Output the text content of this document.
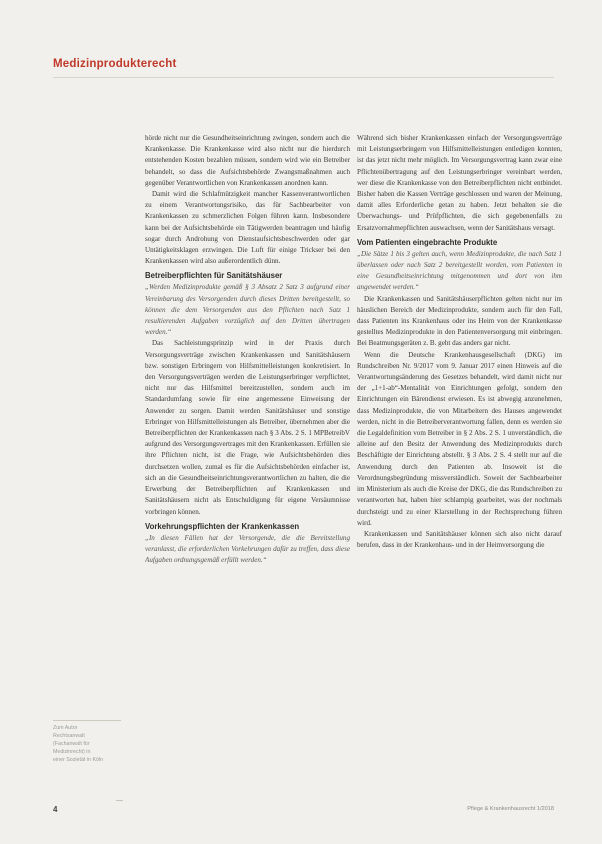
Medizinprodukterecht

hörde nicht nur die Gesundheitseinrichtung zwingen, sondern auch die Krankenkasse. Die Krankenkasse wird also nicht nur die hierdurch entstehenden Kosten bezahlen müssen, sondern wird wie ein Betreiber behandelt, so dass die Aufsichtsbehörde Zwangsmaßnahmen auch gegenüber Verantwortlichen von Krankenkassen anordnen kann.

Damit wird die Schlafmützigkeit mancher Kassenverantwortlichen zu einem Verantwortungsrisiko, das für Sachbearbeiter von Krankenkassen zu schmerzlichen Folgen führen kann. Insbesondere kann bei der Aufsichtsbehörde ein Tätigwerden beantragen und häufig sogar durch Androhung von Dienstaufsichtsbeschwerden oder gar Untätigkeitsklagen erzwingen. Die Luft für einige Trickser bei den Krankenkassen wird also außerordentlich dünn.

Betreiberpflichten für Sanitätshäuser

„Werden Medizinprodukte gemäß § 3 Absatz 2 Satz 3 aufgrund einer Vereinbarung des Versorgenden durch dieses Dritten bereitgestellt, so können die dem Versorgenden aus den Pflichten nach Satz 1 resultierenden Aufgaben vorzüglich auf den Dritten übertragen werden.“

Das Sachleistungsprinzip wird in der Praxis durch Versorgungsverträge zwischen Krankenkassen und Sanitätshäusern bzw. sonstigen Erbringern von Hilfsmittelleistungen konkretisiert. In den Versorgungsverträgen werden die Leistungserbringer verpflichtet, nicht nur das Hilfsmittel bereitzustellen, sondern auch im Standardumfang sowie für eine angemessene Einweisung der Anwender zu sorgen. Damit werden Sanitätshäuser und sonstige Erbringer von Hilfsmittelleistungen als Betreiber, übernehmen aber die Betreiberpflichten der Krankenkassen nach § 3 Abs. 2 S. 1 MPBetreibV aufgrund des Versorgungsvertrages mit den Krankenkassen. Erfüllen sie ihre Pflichten nicht, ist die Frage, wie Aufsichtsbehörden dies durchsetzen wollen, zumal es für die Aufsichtsbehörden einfacher ist, sich an die Gesundheitseinrichtungsverantwortlichen zu halten, die die Erwerbung der Betreiberpflichten auf Krankenkassen und Sanitätshäusern nicht als Entschuldigung für eigene Versäumnisse vorbringen können.

Vorkehrungspflichten der Krankenkassen

„In diesen Fällen hat der Versorgende, die die Bereitstellung veranlasst, die erforderlichen Vorkehrungen dafür zu treffen, dass diese Aufgaben ordnungsgemäß erfüllt werden.“

Während sich bisher Krankenkassen einfach der Versorgungsverträge mit Leistungserbringern von Hilfsmittelleistungen entledigen konnten, ist das jetzt nicht mehr möglich. Im Versorgungsvertrag kann zwar eine Pflichtenübertragung auf den Leistungserbringer vereinbart werden, wer diese die Krankenkasse von den Betreiberpflichten nicht entbindet. Bisher haben die Kassen Verträge geschlossen und waren der Meinung, damit alles Erforderliche getan zu haben. Jetzt behalten sie die Überwachungs- und Prüfpflichten, die sich gegebenenfalls zu Ersatzvornahmepflichten auswachsen, wenn der Sanitätshaus versagt.

Vom Patienten eingebrachte Produkte

„Die Sätze 1 bis 3 gelten auch, wenn Medizinprodukte, die nach Satz 1 überlassen oder nach Satz 2 bereitgestellt worden, vom Patienten in eine Gesundheitseinrichtung mitgenommen und dort von ihm angewendet werden.“

Die Krankenkassen und Sanitätshäuserpflichten gelten nicht nur im häuslichen Bereich der Medizinprodukte, sondern auch für den Fall, dass Patienten ins Krankenhaus oder ins Heim von der Krankenkasse gestelltes Medizinprodukte in den Patientenversorgung mit einbringen. Bei Beatmungsgeräten z. B. geht das anders gar nicht.

Wenn die Deutsche Krankenhausgesellschaft (DKG) im Rundschreiben Nr. 9/2017 vom 9. Januar 2017 einen Hinweis auf die Verantwortungsänderung des Gesetzes behandelt, wird damit nicht nur der „1+1-ab“-Mentalität von Einrichtungen gefolgt, sondern den Einrichtungen ein Bärendienst erwiesen. Es ist abwegig anzunehmen, dass Medizinprodukte, die von Mitarbeitern des Hauses angewendet werden, nicht in die Betreiberverantwortung fallen, denn es werden sie die Legaldefinition vom Betreiber in § 2 Abs. 2 S. 1 unverständlich, die alleine auf den Besitz der Anwendung des Medizinprodukts durch Beschäftigte der Einrichtung abstellt. § 3 Abs. 2 S. 4 stellt nur auf die Anwendung durch den Patienten ab. Insoweit ist die Verordnungsbegründung missverständlich. Soweit der Sachbearbeiter im Ministerium als auch die Kreise der DKG, die das Rundschreiben zu verantworten hat, haben hier schlampig gearbeitet, was der nochmals durchsteigt und zu einer Klarstellung in der Rechtsprechung führen wird.

Krankenkassen und Sanitätshäuser können sich also nicht darauf berufen, dass in der Krankenhaus- und in der Heimversorgung die

Zum Autor
Rechtsanwalt
(Fachanwalt für
Medizinrecht) in
einer Sozietät in Köln
4	Pflege & Krankenhausrecht 1/2018
